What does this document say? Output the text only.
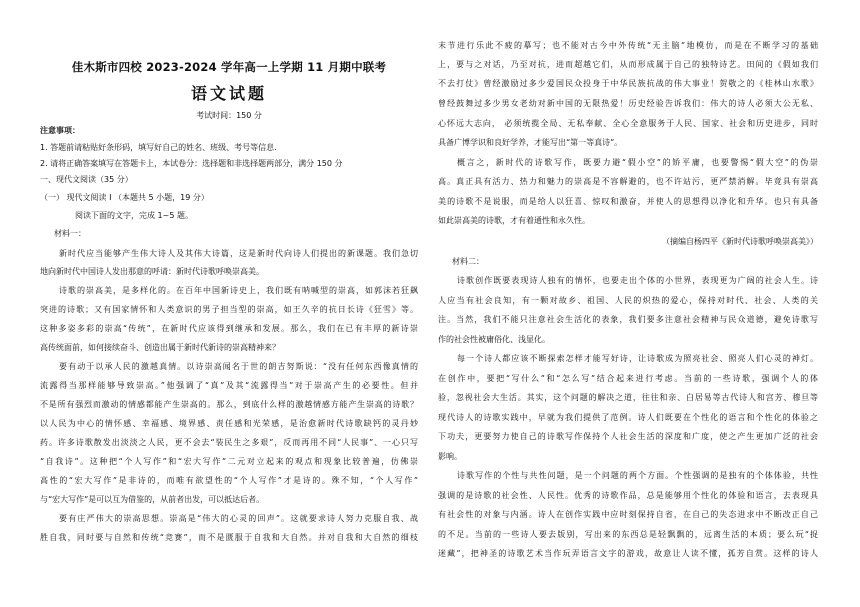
佳木斯市四校 2023-2024 学年高一上学期 11 月期中联考
语文试题
考试时间：150 分
注意事项：
1. 答题前请粘贴好条形码，填写好自己的姓名、班级、考号等信息.
2. 请将正确答案填写在答题卡上，本试卷分：选择题和非选择题两部分，满分 150 分
一、现代文阅读（35 分）
（一） 现代文阅读 I （本题共 5 小题，19 分）
阅读下面的文字，完成 1~5 题。
材料一：
新时代应当能够产生伟大诗人及其伟大诗篇，这是新时代向诗人们提出的新课题。我们急切
地向新时代中国诗人发出那意的呼请：新时代诗歌呼唤崇高美。
诗歌的崇高美，是多样化的。在百年中国新诗史上，我们既有呐喊型的崇高，如郭沫若狂飙
突进的诗歌；又有国家情怀和人类意识的男子担当型的崇高，如王久辛的抗日长诗《狂雪》等。
这种多姿多彩的崇高“传统”，在新时代应该得到继承和发展。那么，我们在已有丰厚的新诗崇
高传统面前，如何接续奋斗、创造出属于新时代新诗的崇高精神来？
要有动于以承人民的激越真情。以诗崇高闻名于世的朗吉努斯说：“没有任何东西像真情的
流露得当那样能够导致崇高。”他强调了“真”及其“流露得当”对于崇高产生的必要性。但并
不是所有强烈而激动的情感都能产生崇高的。那么，到底什么样的激越情感方能产生崇高的诗歌？
以人民为中心的情怀感、幸福感、境界感、责任感和光荣感，是治愈新时代诗歌缺钙的灵丹妙
药。许多诗歌散发出淡淡之人民，更不会去“装民生之多艰”，反而再用不同“人民事”、一心只写
“自我诗”。这种把“个人写作”和“宏大写作”二元对立起来的观点和现象比较普遍，仿佛崇
高性的“宏大写作”是非诗的，而唯有欲望性的“个人写作”才是诗的。殊不知，“个人写作”
与“宏大写作”是可以互为借鉴的，从前者出发，可以抵达后者。
要有庄严伟大的崇高思想。崇高是“伟大的心灵的回声”。这就要求诗人努力克服自我、战
胜自我，同时要与自然和传统“竞赛”，而不是匮服于自我和大自然。并对自我和大自然的细枝
末节进行乐此不疲的摹写；也不能对古今中外传统“无主脑”地模仿，而是在不断学习的基础
上，要与之对话，乃至对抗，进而超越它们，从而形成属于自己的独特诗艺。田间的《假如我们
不去打仗》曾经激励过多少爱国民众投身于中华民族抗战的伟大事业！贺敬之的《桂林山水歌》
曾经鼓舞过多少男女老幼对新中国的无限热爱！历史经验告诉我们：伟大的诗人必须大公无私、
心怀远大志向， 必须统揽全局、无私奉献、全心全意服务于人民、国家、社会和历史进步，同时
具备广博学识和良好学养，才能写出“第一等真诗”。
概言之，新时代的诗歌写作，既要力避“假小空”的矫平庸，也要警惕“假大空”的伪崇
高。真正具有活力、热力和魅力的崇高是不容解避的，也不许站污，更严禁消解。毕竟具有崇高
美的诗歌不是说服，而是给人以狂喜、惊叹和激奋，并使人的思想得以净化和升华。也只有具备
如此崇高美的诗歌，才有着通性和永久性。
（摘编自杨四平《新时代诗歌呼唤崇高美》）
材料二：
诗歌创作既要表现诗人独有的情怀，也要走出个体的小世界，表现更为广阔的社会人生。诗
人应当有社会良知，有一颗对故乡、祖国、人民的炽热的爱心，保持对时代、社会、人类的关
注。当然，我们不能只注意社会生活化的表象，我们要多注意社会精神与民众道德，避免诗歌写
作的社会性被庸俗化、浅显化。
每一个诗人都应该不断探索怎样才能写好诗，让诗歌成为照亮社会、照亮人们心灵的神灯。
在创作中，要把“写什么”和“怎么写”结合起来进行考虑。当前的一些诗歌，强调个人的体
验，忽视社会大生活。其实，这个问题的解决之道，往往和亲、白居易等古代诗人和宫芳、穆旦等
现代诗人的诗歌实践中，早就为我们提供了范例。诗人们既要在个性化的语言和个性化的体验之
下功夫，更要努力使自己的诗歌写作保持个人社会生活的深度和广度，使之产生更加广泛的社会
影响。
诗歌写作的个性与共性问题，是一个问题的两个方面。个性强调的是独有的个体体验，共性
强调的是诗歌的社会性、人民性。优秀的诗歌作品，总是能够用个性化的体验和语言，去表现具
有社会性的对象与内涵。诗人在创作实践中应时刻保持自省，在自己的失态进求中不断改正自己
的不足。当前的一些诗人要去版别，写出来的东西总是轻飘飘的，远离生活的本质；要么玩“捉
迷藏”，把神圣的诗歌艺术当作玩弄语言文字的游戏，故意让人读不懂，孤芳自赏。这样的诗人
